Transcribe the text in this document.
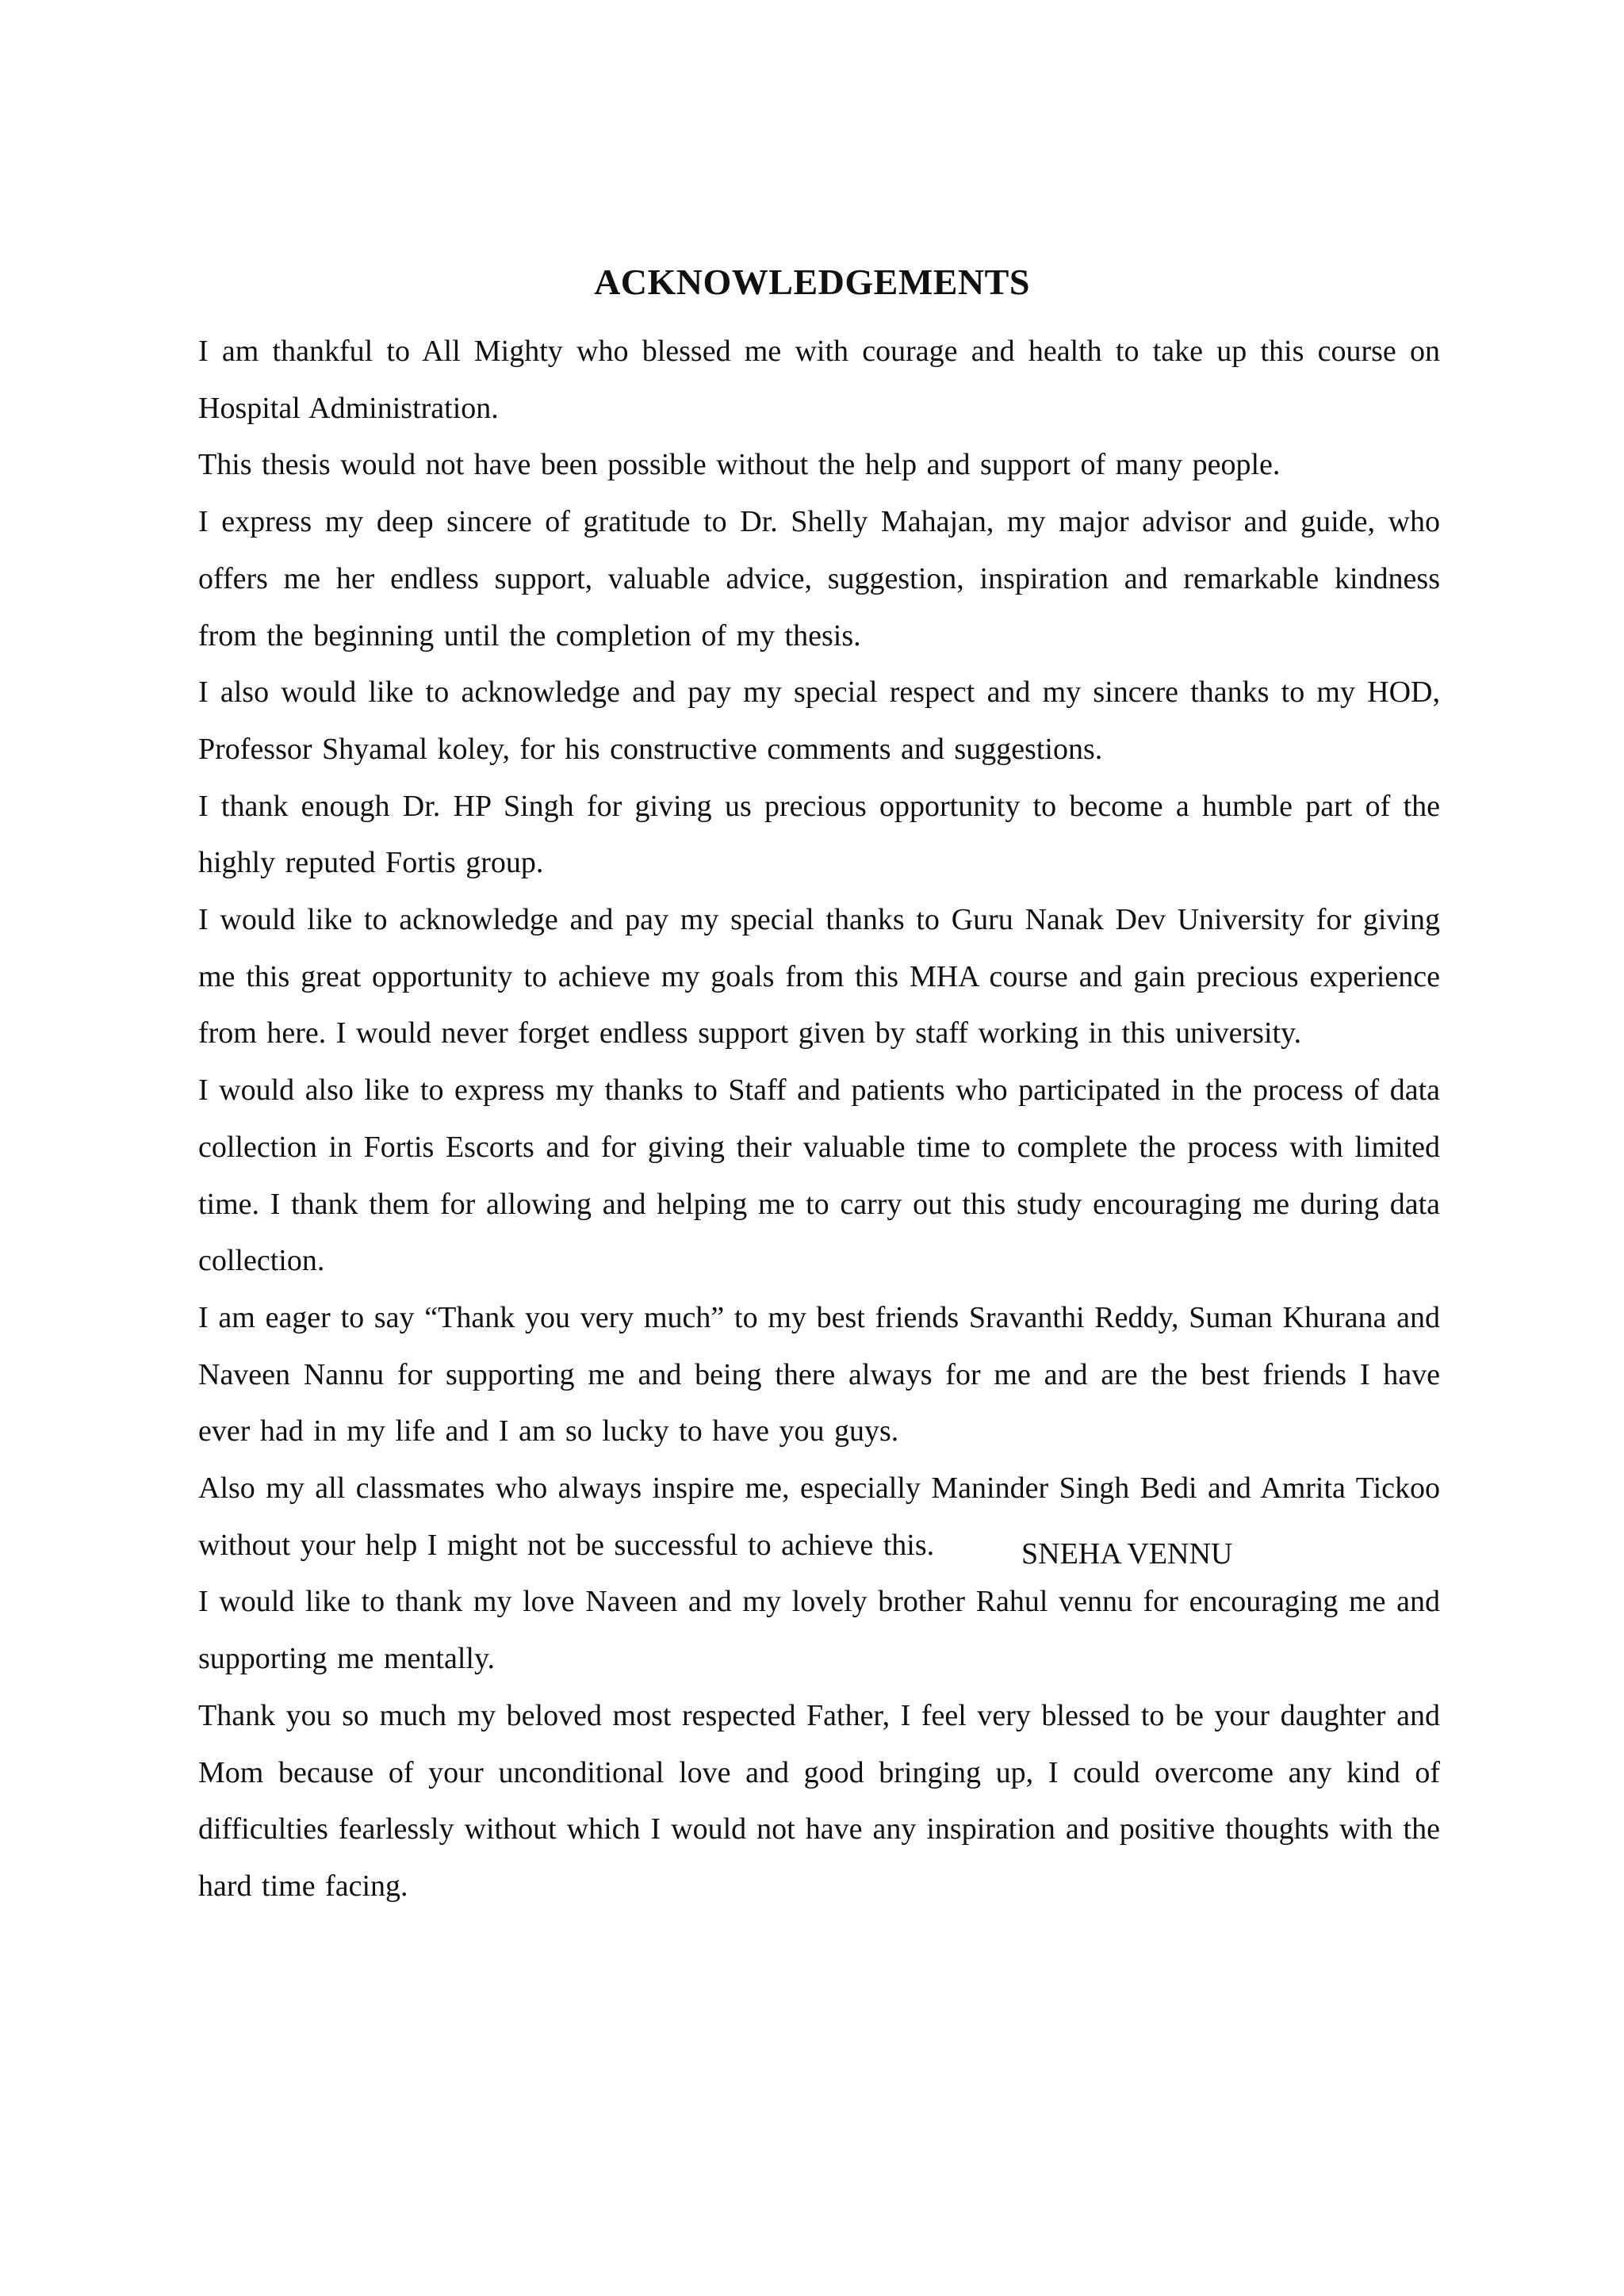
ACKNOWLEDGEMENTS

I am thankful to All Mighty who blessed me with courage and health to take up this course on Hospital Administration.

This thesis would not have been possible without the help and support of many people.

I express my deep sincere of gratitude to Dr. Shelly Mahajan, my major advisor and guide, who offers me her endless support, valuable advice, suggestion, inspiration and remarkable kindness from the beginning until the completion of my thesis.

I also would like to acknowledge and pay my special respect and my sincere thanks to my HOD, Professor Shyamal koley, for his constructive comments and suggestions.

I thank enough Dr. HP Singh for giving us precious opportunity to become a humble part of the highly reputed Fortis group.

I would like to acknowledge and pay my special thanks to Guru Nanak Dev University for giving me this great opportunity to achieve my goals from this MHA course and gain precious experience from here. I would never forget endless support given by staff working in this university.

I would also like to express my thanks to Staff and patients who participated in the process of data collection in Fortis Escorts and for giving their valuable time to complete the process with limited time. I thank them for allowing and helping me to carry out this study encouraging me during data collection.

I am eager to say “Thank you very much” to my best friends Sravanthi Reddy, Suman Khurana and Naveen Nannu for supporting me and being there always for me and are the best friends I have ever had in my life and I am so lucky to have you guys.

Also my all classmates who always inspire me, especially Maninder Singh Bedi and Amrita Tickoo without your help I might not be successful to achieve this.

I would like to thank my love Naveen and my lovely brother Rahul vennu for encouraging me and supporting me mentally.

Thank you so much my beloved most respected Father, I feel very blessed to be your daughter and Mom because of your unconditional love and good bringing up, I could overcome any kind of difficulties fearlessly without which I would not have any inspiration and positive thoughts with the hard time facing.

SNEHA VENNU
